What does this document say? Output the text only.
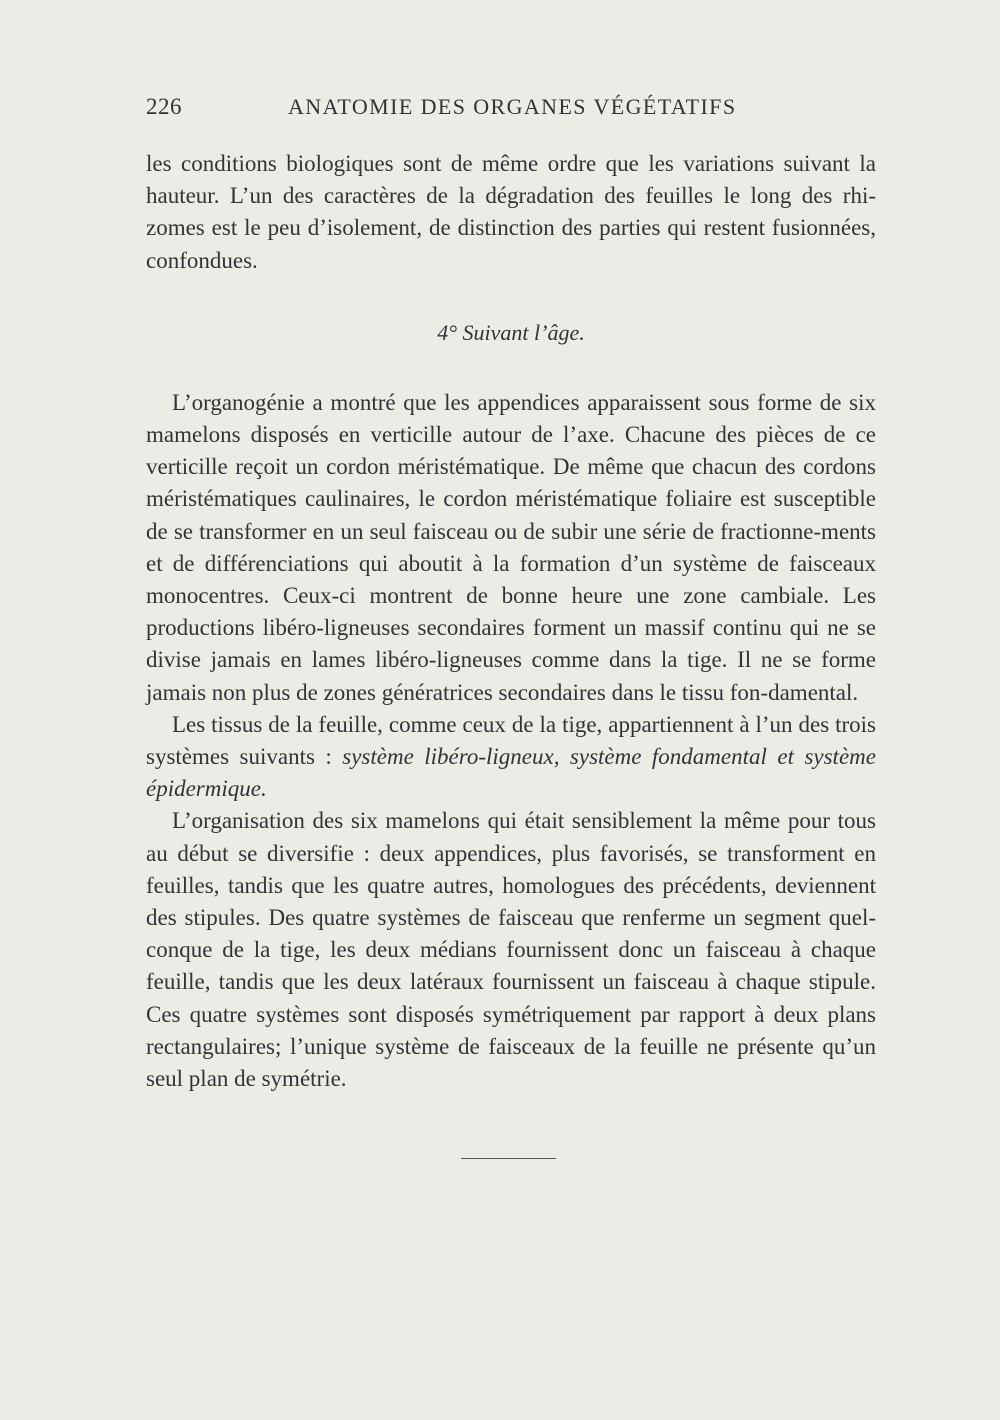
226	ANATOMIE DES ORGANES VÉGÉTATIFS

les conditions biologiques sont de même ordre que les variations suivant la hauteur. L’un des caractères de la dégradation des feuilles le long des rhi-zomes est le peu d’isolement, de distinction des parties qui restent fusionnées, confondues.

4° Suivant l’âge.

L’organogénie a montré que les appendices apparaissent sous forme de six mamelons disposés en verticille autour de l’axe. Chacune des pièces de ce verticille reçoit un cordon méristématique. De même que chacun des cordons méristématiques caulinaires, le cordon méristématique foliaire est susceptible de se transformer en un seul faisceau ou de subir une série de fractionne-ments et de différenciations qui aboutit à la formation d’un système de faisceaux monocentres. Ceux-ci montrent de bonne heure une zone cambiale. Les productions libéro-ligneuses secondaires forment un massif continu qui ne se divise jamais en lames libéro-ligneuses comme dans la tige. Il ne se forme jamais non plus de zones génératrices secondaires dans le tissu fon-damental.

Les tissus de la feuille, comme ceux de la tige, appartiennent à l’un des trois systèmes suivants : système libéro-ligneux, système fondamental et système épidermique.

L’organisation des six mamelons qui était sensiblement la même pour tous au début se diversifie : deux appendices, plus favorisés, se transforment en feuilles, tandis que les quatre autres, homologues des précédents, deviennent des stipules. Des quatre systèmes de faisceau que renferme un segment quel-conque de la tige, les deux médians fournissent donc un faisceau à chaque feuille, tandis que les deux latéraux fournissent un faisceau à chaque stipule. Ces quatre systèmes sont disposés symétriquement par rapport à deux plans rectangulaires; l’unique système de faisceaux de la feuille ne présente qu’un seul plan de symétrie.
